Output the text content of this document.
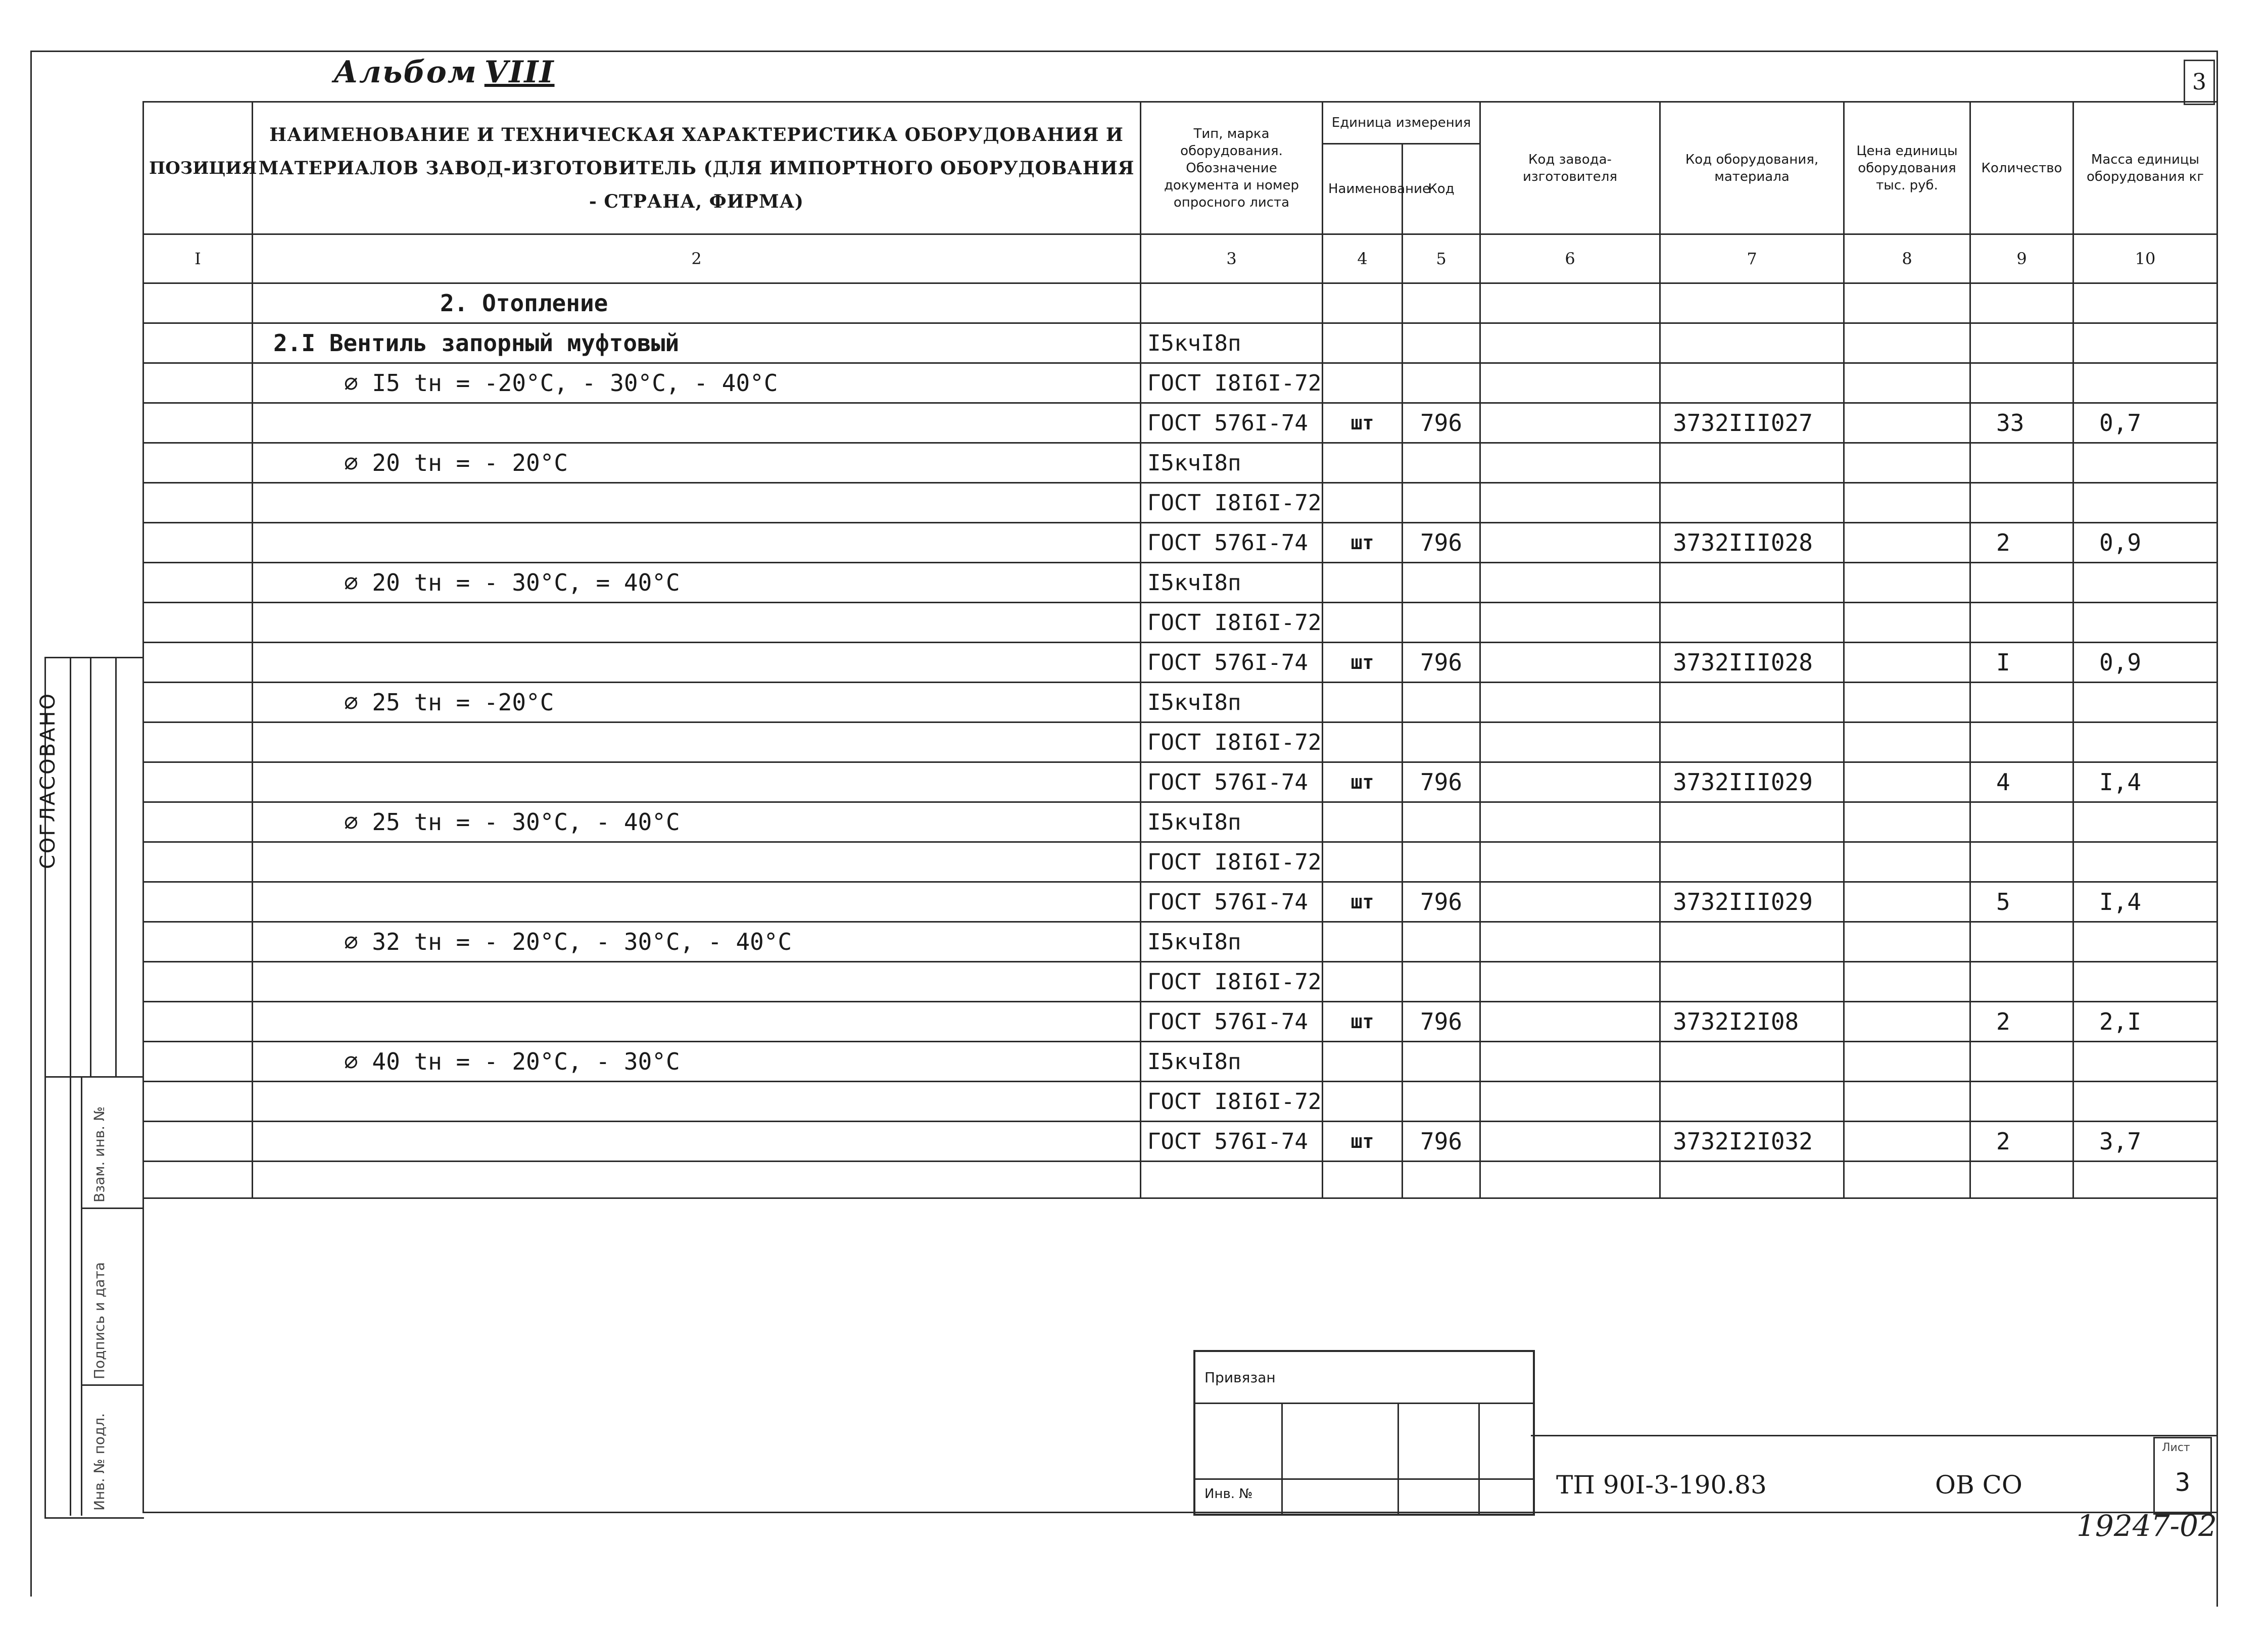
Альбом VIII	3
ПОЗИЦИЯ	НАИМЕНОВАНИЕ И ТЕХНИЧЕСКАЯ ХАРАКТЕРИСТИКА ОБОРУДОВАНИЯ И МАТЕРИАЛОВ ЗАВОД-ИЗГОТОВИТЕЛЬ (ДЛЯ ИМПОРТНОГО ОБОРУДОВАНИЯ - СТРАНА, ФИРМА)	Тип, марка оборудования. Обозначение документа и номер опросного листа	Единица измерения		Код завода-изготовителя	Код оборудования, материала	Цена единицы оборудования тыс. руб.	Количество	Масса единицы оборудования кг
			Наименование	Код					
I	2	3	4	5	6	7	8	9	10
	2. Отопление								
	2.I Вентиль запорный муфтовый	I5кчI8п							
	⌀ I5 tн = -20°C, - 30°C, - 40°C	ГОСТ I8I6I-72							
		ГОСТ 576I-74	шт	796		3732III027		33	0,7
	⌀ 20 tн = - 20°C	I5кчI8п							
		ГОСТ I8I6I-72							
		ГОСТ 576I-74	шт	796		3732III028		2	0,9
	⌀ 20 tн = - 30°C, = 40°C	I5кчI8п							
		ГОСТ I8I6I-72							
		ГОСТ 576I-74	шт	796		3732III028		I	0,9
	⌀ 25 tн = -20°C	I5кчI8п							
		ГОСТ I8I6I-72							
		ГОСТ 576I-74	шт	796		3732III029		4	I,4
	⌀ 25 tн = - 30°C, - 40°C	I5кчI8п							
		ГОСТ I8I6I-72							
		ГОСТ 576I-74	шт	796		3732III029		5	I,4
	⌀ 32 tн = - 20°C, - 30°C, - 40°C	I5кчI8п							
		ГОСТ I8I6I-72							
		ГОСТ 576I-74	шт	796		3732I2I08		2	2,I
	⌀ 40 tн = - 20°C, - 30°C	I5кчI8п							
		ГОСТ I8I6I-72							
		ГОСТ 576I-74	шт	796		3732I2I032		2	3,7

СОГЛАСОВАНО
Взам. инв. №
Подпись и дата
Инв. № подл.
Привязан
Инв. №	ТП 90I-3-190.83	ОВ СО
Лист
3
19247-02
